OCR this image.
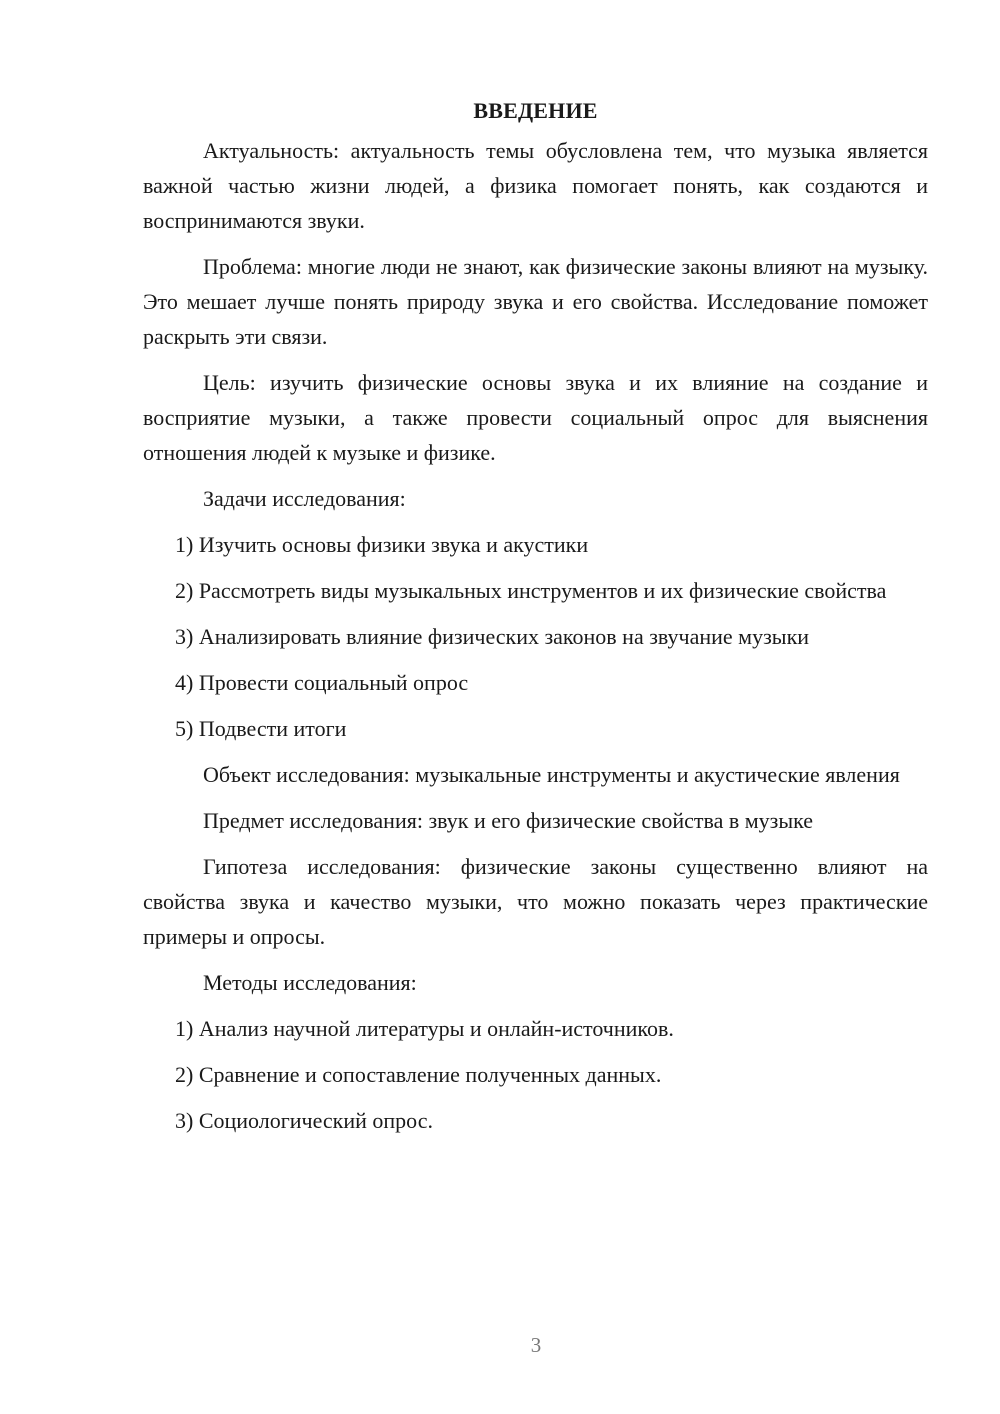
ВВЕДЕНИЕ

Актуальность: актуальность темы обусловлена тем, что музыка является важной частью жизни людей, а физика помогает понять, как создаются и воспринимаются звуки.

Проблема: многие люди не знают, как физические законы влияют на музыку. Это мешает лучше понять природу звука и его свойства. Исследование поможет раскрыть эти связи.

Цель: изучить физические основы звука и их влияние на создание и восприятие музыки, а также провести социальный опрос для выяснения отношения людей к музыке и физике.

Задачи исследования:

1) Изучить основы физики звука и акустики

2) Рассмотреть виды музыкальных инструментов и их физические свойства

3) Анализировать влияние физических законов на звучание музыки

4) Провести социальный опрос

5) Подвести итоги

Объект исследования: музыкальные инструменты и акустические явления

Предмет исследования: звук и его физические свойства в музыке

Гипотеза исследования: физические законы существенно влияют на свойства звука и качество музыки, что можно показать через практические примеры и опросы.

Методы исследования:

1) Анализ научной литературы и онлайн-источников.

2) Сравнение и сопоставление полученных данных.

3) Социологический опрос.

3
